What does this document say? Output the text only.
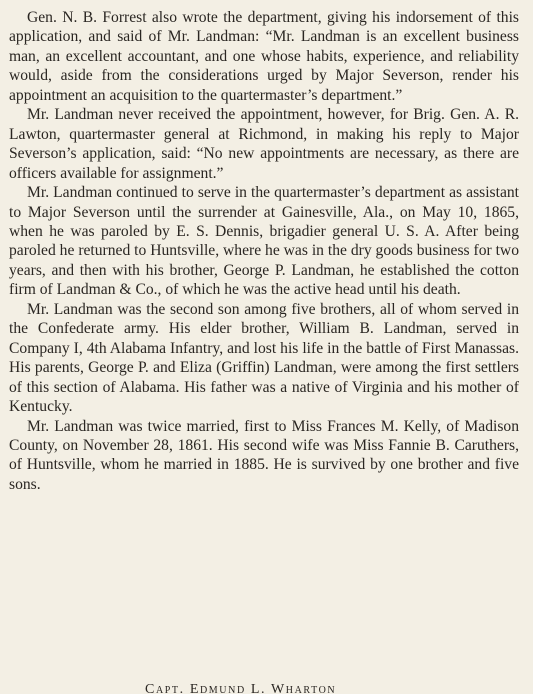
Gen. N. B. Forrest also wrote the department, giving his indorsement of this application, and said of Mr. Landman: “Mr. Landman is an excellent business man, an excellent accountant, and one whose habits, experience, and reliability would, aside from the considerations urged by Major Severson, render his appointment an acquisition to the quartermaster’s department.”

Mr. Landman never received the appointment, however, for Brig. Gen. A. R. Lawton, quartermaster general at Richmond, in making his reply to Major Severson’s application, said: “No new appointments are necessary, as there are officers available for assignment.”

Mr. Landman continued to serve in the quartermaster’s department as assistant to Major Severson until the surrender at Gainesville, Ala., on May 10, 1865, when he was paroled by E. S. Dennis, brigadier general U. S. A. After being paroled he returned to Huntsville, where he was in the dry goods business for two years, and then with his brother, George P. Landman, he established the cotton firm of Landman & Co., of which he was the active head until his death.

Mr. Landman was the second son among five brothers, all of whom served in the Confederate army. His elder brother, William B. Landman, served in Company I, 4th Alabama Infantry, and lost his life in the battle of First Manassas. His parents, George P. and Eliza (Griffin) Landman, were among the first settlers of this section of Alabama. His father was a native of Virginia and his mother of Kentucky.

Mr. Landman was twice married, first to Miss Frances M. Kelly, of Madison County, on November 28, 1861. His second wife was Miss Fannie B. Caruthers, of Huntsville, whom he married in 1885. He is survived by one brother and five sons.

Capt. Edmund L. Wharton
